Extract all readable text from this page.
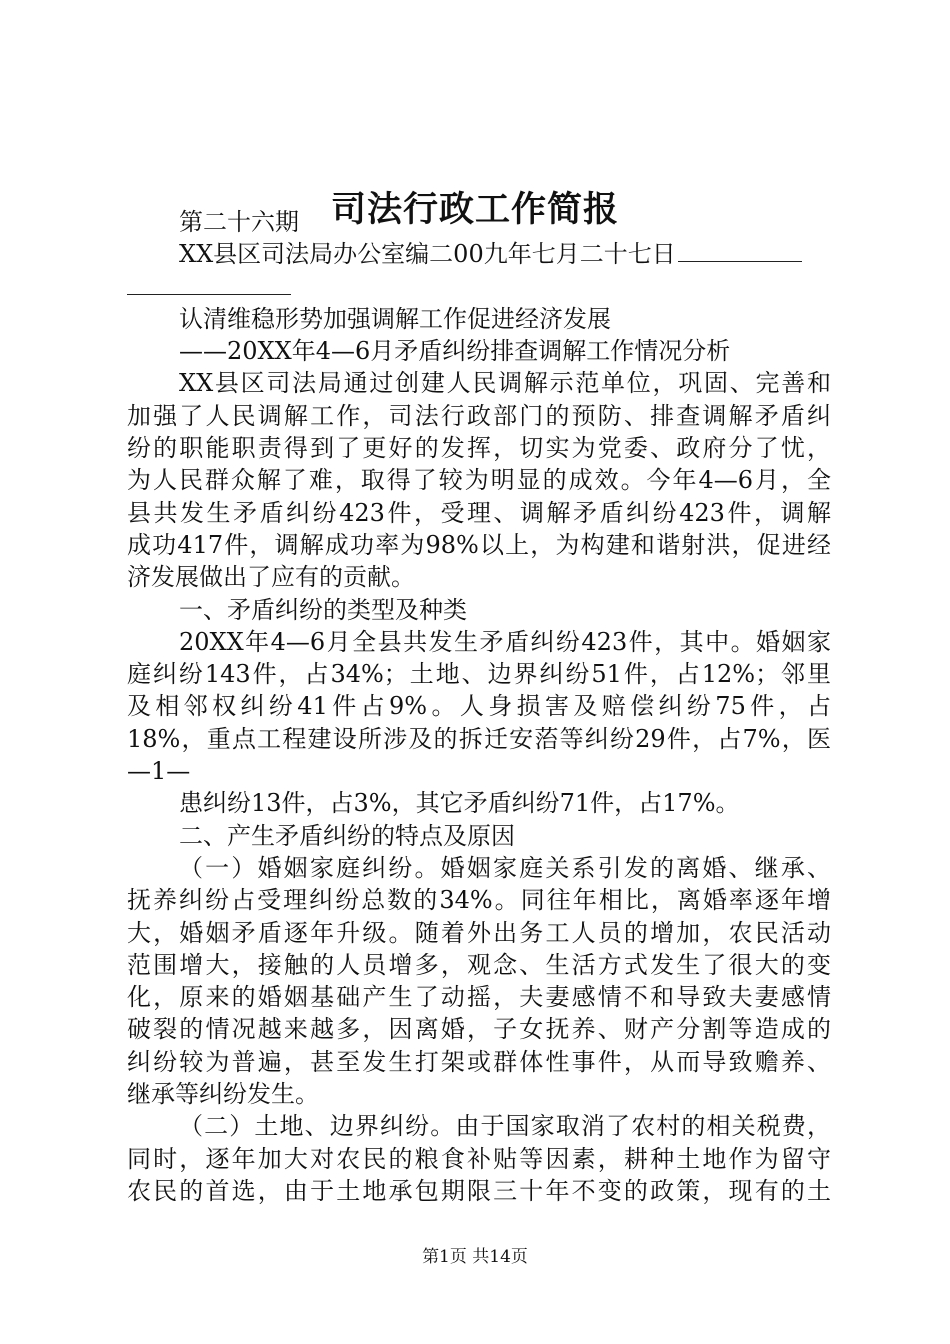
司法行政工作简报
第二十六期
XX县区司法局办公室编二00九年七月二十七日
认清维稳形势加强调解工作促进经济发展
——20XX年4—6月矛盾纠纷排查调解工作情况分析
XX县区司法局通过创建人民调解示范单位，巩固、完善和
加强了人民调解工作，司法行政部门的预防、排查调解矛盾纠
纷的职能职责得到了更好的发挥，切实为党委、政府分了忧，
为人民群众解了难，取得了较为明显的成效。今年4—6月，全
县共发生矛盾纠纷423件，受理、调解矛盾纠纷423件，调解
成功417件，调解成功率为98%以上，为构建和谐射洪，促进经
济发展做出了应有的贡献。
一、矛盾纠纷的类型及种类
20XX年4—6月全县共发生矛盾纠纷423件，其中。婚姻家
庭纠纷143件，占34%；土地、边界纠纷51件，占12%；邻里
及相邻权纠纷41件占9%。人身损害及赔偿纠纷75件，占
18%，重点工程建设所涉及的拆迁安菭等纠纷29件，占7%，医
—1—
患纠纷13件，占3%，其它矛盾纠纷71件，占17%。
二、产生矛盾纠纷的特点及原因
（一）婚姻家庭纠纷。婚姻家庭关系引发的离婚、继承、
抚养纠纷占受理纠纷总数的34%。同往年相比，离婚率逐年增
大，婚姻矛盾逐年升级。随着外出务工人员的增加，农民活动
范围增大，接触的人员增多，观念、生活方式发生了很大的变
化，原来的婚姻基础产生了动摇，夫妻感情不和导致夫妻感情
破裂的情况越来越多，因离婚，子女抚养、财产分割等造成的
纠纷较为普遍，甚至发生打架或群体性事件，从而导致赡养、
继承等纠纷发生。
（二）土地、边界纠纷。由于国家取消了农村的相关税费，
同时，逐年加大对农民的粮食补贴等因素，耕种土地作为留守
农民的首选，由于土地承包期限三十年不变的政策，现有的土
第1页 共14页
